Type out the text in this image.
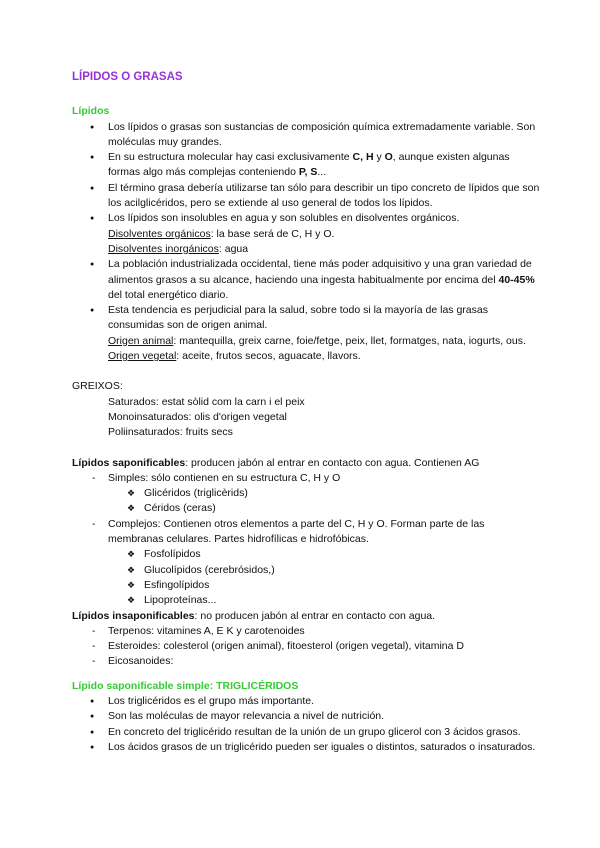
LÍPIDOS O GRASAS
Lípidos
● Los lípidos o grasas son sustancias de composición química extremadamente variable. Son moléculas muy grandes.
● En su estructura molecular hay casi exclusivamente C, H y O, aunque existen algunas formas algo más complejas conteniendo P, S...
● El término grasa debería utilizarse tan sólo para describir un tipo concreto de lípidos que son los acilglicéridos, pero se extiende al uso general de todos los lípidos.
● Los lípidos son insolubles en agua y son solubles en disolventes orgánicos.
Disolventes orgánicos: la base será de C, H y O.
Disolventes inorgánicos: agua
● La población industrializada occidental, tiene más poder adquisitivo y una gran variedad de alimentos grasos a su alcance, haciendo una ingesta habitualmente por encima del 40-45% del total energético diario.
● Esta tendencia es perjudicial para la salud, sobre todo si la mayoría de las grasas consumidas son de origen animal.
Origen animal: mantequilla, greix carne, foie/fetge, peix, llet, formatges, nata, iogurts, ous.
Origen vegetal: aceite, frutos secos, aguacate, llavors.
GREIXOS:
Saturados: estat sòlid com la carn i el peix
Monoinsaturados: olis d'origen vegetal
Poliinsaturados: fruits secs
Lípidos saponificables: producen jabón al entrar en contacto con agua. Contienen AG
- Simples: sólo contienen en su estructura C, H y O
❖ Glicéridos (triglicèrids)
❖ Céridos (ceras)
- Complejos: Contienen otros elementos a parte del C, H y O. Forman parte de las membranas celulares. Partes hidrofílicas e hidrofóbicas.
❖ Fosfolípidos
❖ Glucolípidos (cerebrósidos,)
❖ Esfingolípidos
❖ Lipoproteínas...
Lípidos insaponificables: no producen jabón al entrar en contacto con agua.
- Terpenos: vitamines A, E K y carotenoides
- Esteroides: colesterol (origen animal), fitoesterol (origen vegetal), vitamina D
- Eicosanoides:
Lípido saponificable simple: TRIGLICÉRIDOS
● Los triglicéridos es el grupo más importante.
● Son las moléculas de mayor relevancia a nivel de nutrición.
● En concreto del triglicérido resultan de la unión de un grupo glicerol con 3 ácidos grasos.
● Los ácidos grasos de un triglicérido pueden ser iguales o distintos, saturados o insaturados.
